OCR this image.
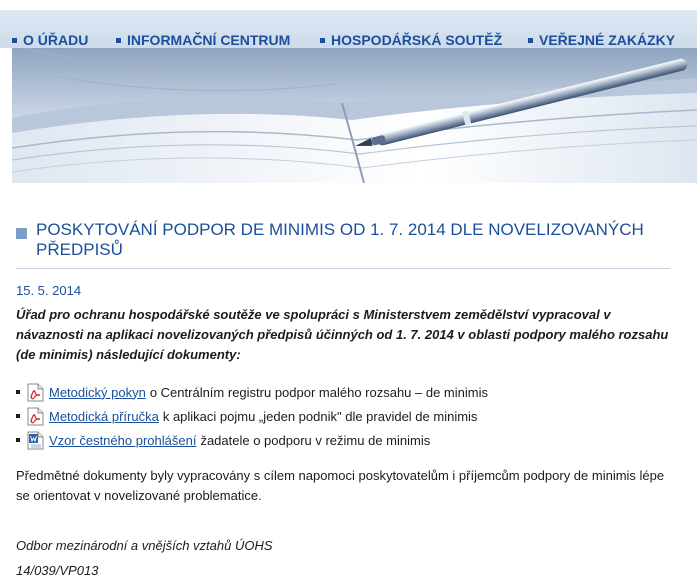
O ÚŘADU	INFORMAČNÍ CENTRUM	HOSPODÁŘSKÁ SOUTĚŽ	VEŘEJNÉ ZAKÁZKY
POSKYTOVÁNÍ PODPOR DE MINIMIS OD 1. 7. 2014 DLE NOVELIZOVANÝCH PŘEDPISŮ
15. 5. 2014

Úřad pro ochranu hospodářské soutěže ve spolupráci s Ministerstvem zemědělství vypracoval v návaznosti na aplikaci novelizovaných předpisů účinných od 1. 7. 2014 v oblasti podpory malého rozsahu (de minimis) následující dokumenty:

Metodický pokyn o Centrálním registru podpor malého rozsahu – de minimis
Metodická příručka k aplikaci pojmu „jeden podnik" dle pravidel de minimis
Vzor čestného prohlášení žadatele o podporu v režimu de minimis

Předmětné dokumenty byly vypracovány s cílem napomoci poskytovatelům i příjemcům podpory de minimis lépe se orientovat v novelizované problematice.

Odbor mezinárodní a vnějších vztahů ÚOHS

14/039/VP013
